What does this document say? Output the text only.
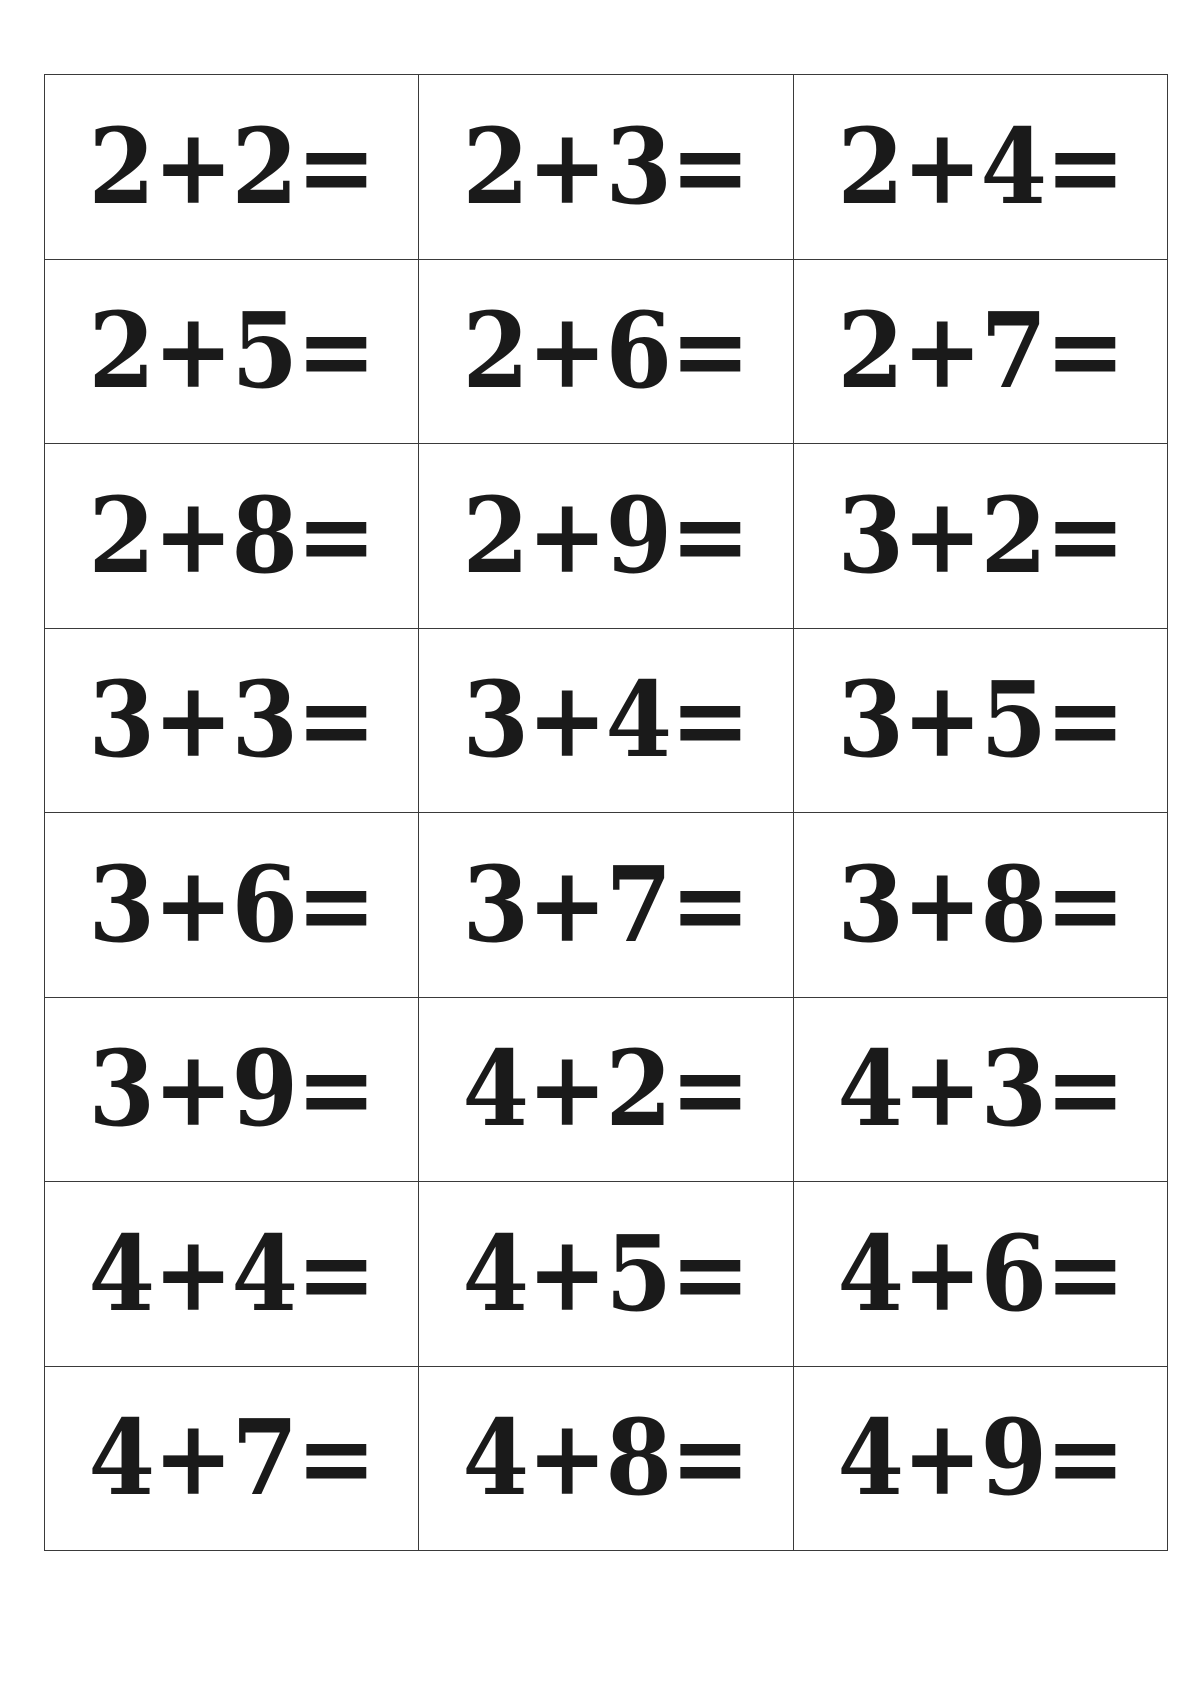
2+2= 2+3= 2+4=
2+5= 2+6= 2+7=
2+8= 2+9= 3+2=
3+3= 3+4= 3+5=
3+6= 3+7= 3+8=
3+9= 4+2= 4+3=
4+4= 4+5= 4+6=
4+7= 4+8= 4+9=
